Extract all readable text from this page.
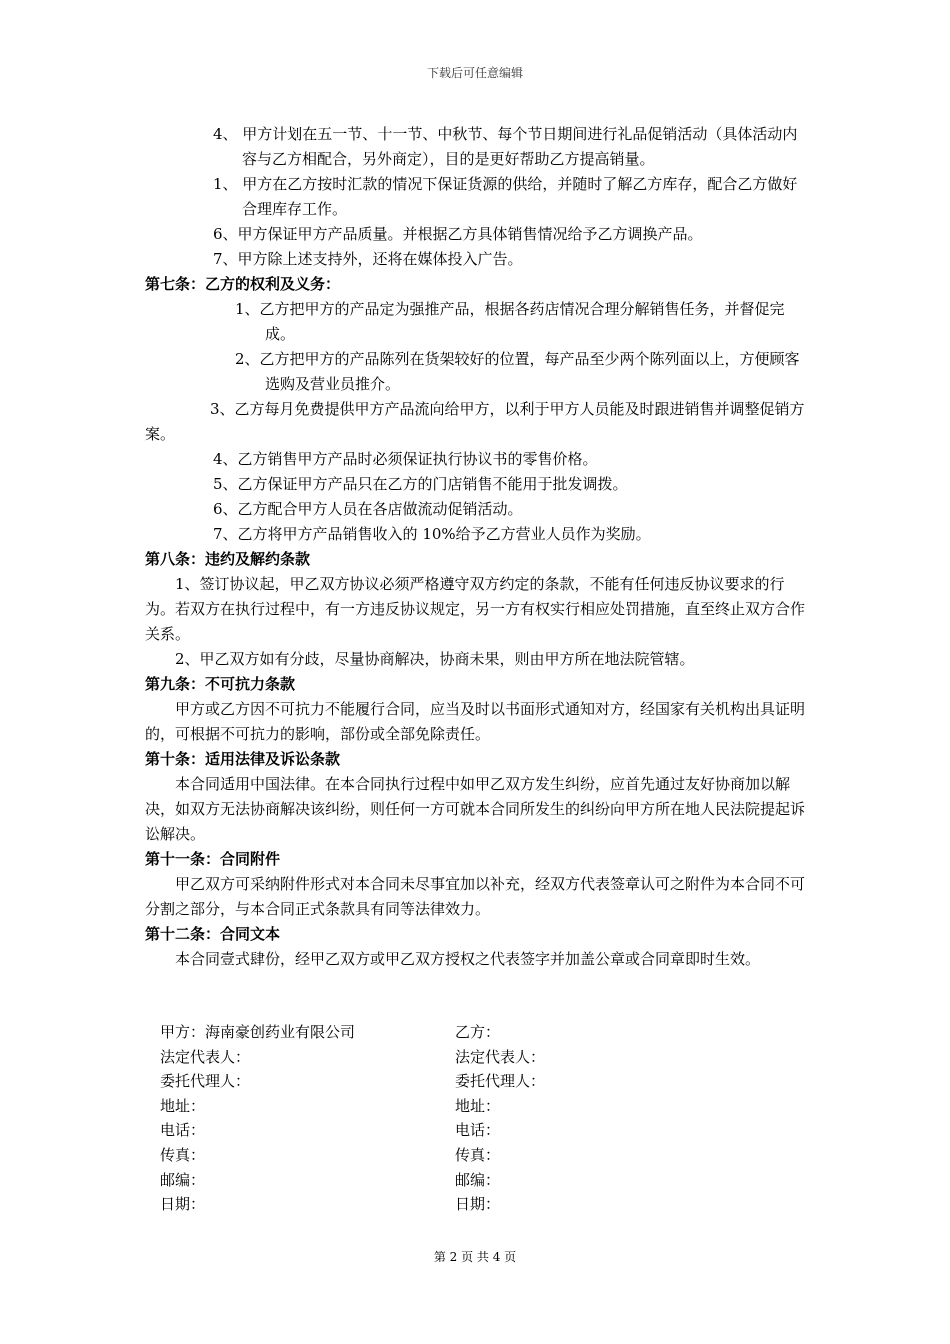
下载后可任意编辑

4、 甲方计划在五一节、十一节、中秋节、每个节日期间进行礼品促销活动（具体活动内容与乙方相配合，另外商定），目的是更好帮助乙方提高销量。

1、 甲方在乙方按时汇款的情况下保证货源的供给，并随时了解乙方库存，配合乙方做好合理库存工作。

6、甲方保证甲方产品质量。并根据乙方具体销售情况给予乙方调换产品。

7、甲方除上述支持外，还将在媒体投入广告。

第七条：乙方的权利及义务：

1、乙方把甲方的产品定为强推产品，根据各药店情况合理分解销售任务，并督促完成。

2、乙方把甲方的产品陈列在货架较好的位置，每产品至少两个陈列面以上，方便顾客选购及营业员推介。

3、乙方每月免费提供甲方产品流向给甲方，以利于甲方人员能及时跟进销售并调整促销方案。

4、乙方销售甲方产品时必须保证执行协议书的零售价格。

5、乙方保证甲方产品只在乙方的门店销售不能用于批发调拨。

6、乙方配合甲方人员在各店做流动促销活动。

7、乙方将甲方产品销售收入的 10%给予乙方营业人员作为奖励。

第八条：违约及解约条款

1、签订协议起，甲乙双方协议必须严格遵守双方约定的条款，不能有任何违反协议要求的行为。若双方在执行过程中，有一方违反协议规定，另一方有权实行相应处罚措施，直至终止双方合作关系。

2、甲乙双方如有分歧，尽量协商解决，协商未果，则由甲方所在地法院管辖。

第九条：不可抗力条款

甲方或乙方因不可抗力不能履行合同，应当及时以书面形式通知对方，经国家有关机构出具证明的，可根据不可抗力的影响，部份或全部免除责任。

第十条：适用法律及诉讼条款

本合同适用中国法律。在本合同执行过程中如甲乙双方发生纠纷，应首先通过友好协商加以解决，如双方无法协商解决该纠纷，则任何一方可就本合同所发生的纠纷向甲方所在地人民法院提起诉讼解决。

第十一条：合同附件

甲乙双方可采纳附件形式对本合同未尽事宜加以补充，经双方代表签章认可之附件为本合同不可分割之部分，与本合同正式条款具有同等法律效力。

第十二条：合同文本

本合同壹式肆份，经甲乙双方或甲乙双方授权之代表签字并加盖公章或合同章即时生效。

甲方：海南豪创药业有限公司	乙方：
法定代表人：	法定代表人：
委托代理人：	委托代理人：
地址：	地址：
电话：	电话：
传真：	传真：
邮编：	邮编：
日期：	日期：
第 2 页 共 4 页
